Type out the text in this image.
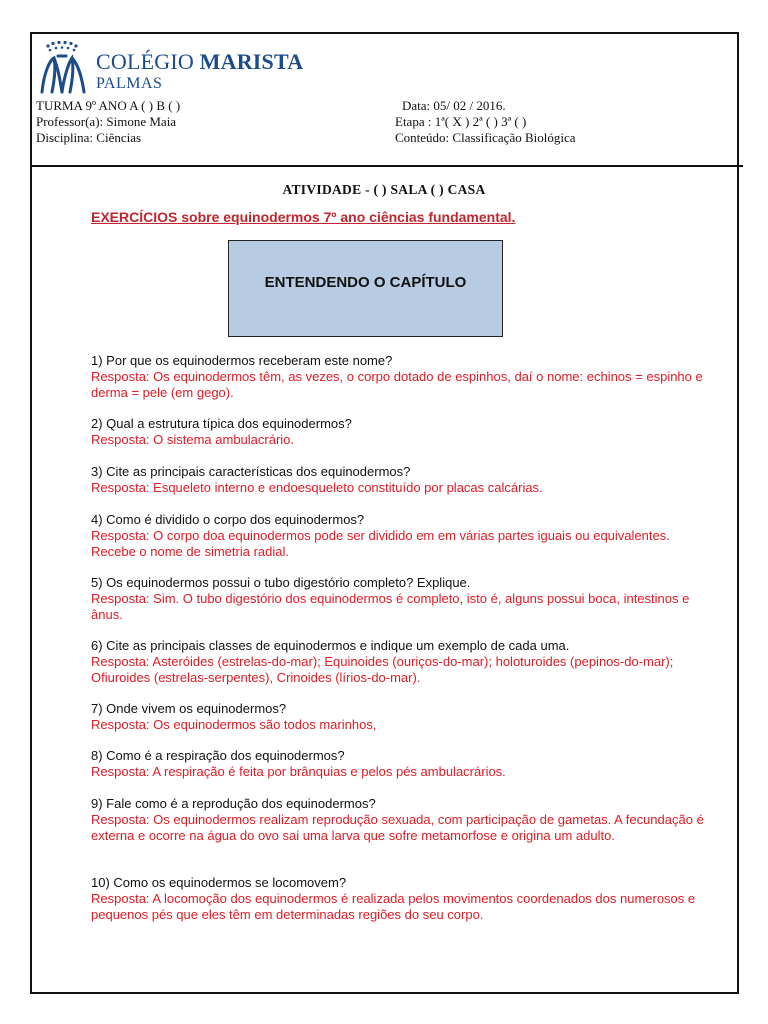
COLÉGIO MARISTA
PALMAS
TURMA 9º ANO A ( ) B ( )
Professor(a): Simone Maia
Disciplina: Ciências
Data: 05/ 02 / 2016.
Etapa : 1ª( X ) 2ª ( ) 3ª ( )
Conteúdo: Classificação Biológica
ATIVIDADE - ( ) SALA ( ) CASA
EXERCÍCIOS sobre equinodermos 7º ano ciências fundamental.
ENTENDENDO O CAPÍTULO
1) Por que os equinodermos receberam este nome?
Resposta: Os equinodermos têm, as vezes, o corpo dotado de espinhos, daí o nome: echinos = espinho e derma = pele (em gego).
2) Qual a estrutura típica dos equinodermos?
Resposta: O sistema ambulacrário.
3) Cite as principais características dos equinodermos?
Resposta: Esqueleto interno e endoesqueleto constituído por placas calcárias.
4) Como é dividido o corpo dos equinodermos?
Resposta: O corpo doa equinodermos pode ser dividido em em várias partes iguais ou equivalentes. Recebe o nome de simetria radial.
5) Os equinodermos possui o tubo digestório completo? Explique.
Resposta: Sim. O tubo digestório dos equinodermos é completo, isto é, alguns possui boca, intestinos e ânus.
6) Cite as principais classes de equinodermos e indique um exemplo de cada uma.
Resposta: Asteróides (estrelas-do-mar); Equinoides (ouriços-do-mar); holoturoides (pepinos-do-mar); Ofiuroides (estrelas-serpentes), Crinoides (lírios-do-mar).
7) Onde vivem os equinodermos?
Resposta: Os equinodermos são todos marinhos,
8) Como é a respiração dos equinodermos?
Resposta: A respiração é feita por brânquias e pelos pés ambulacrários.
9) Fale como é a reprodução dos equinodermos?
Resposta: Os equinodermos realizam reprodução sexuada, com participação de gametas. A fecundação é externa e ocorre na água do ovo sai uma larva que sofre metamorfose e origina um adulto.
10) Como os equinodermos se locomovem?
Resposta: A locomoção dos equinodermos é realizada pelos movimentos coordenados dos numerosos e pequenos pés que eles têm em determinadas regiões do seu corpo.
